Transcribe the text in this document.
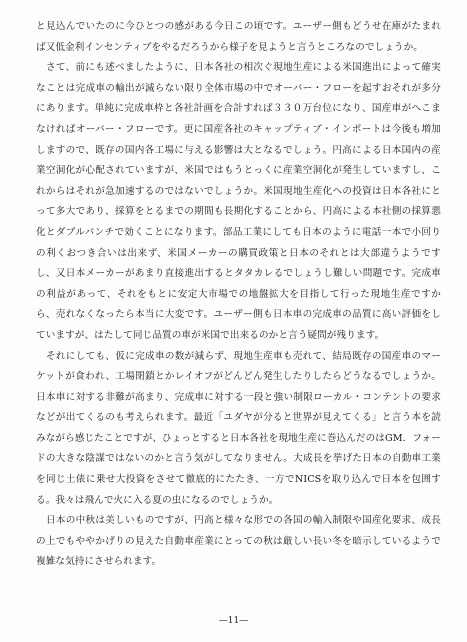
と見込んでいたのに今ひとつの感がある今日この頃です。ユーザー側もどうせ在庫がたまれば又低金利インセンティブをやるだろうから様子を見ようと言うところなのでしょうか。

さて、前にも述べましたように、日本各社の相次ぐ現地生産による米国進出によって確実なことは完成車の輸出が減らない限り全体市場の中でオーバー・フローを起すおそれが多分にあります。単純に完成車枠と各社計画を合計すれば３３０万台位になり、国産車がへこまなければオーバー・フローです。更に国産各社のキャップティブ・インポートは今後も増加しますので、既存の国内各工場に与える影響は大となるでしょう。円高による日本国内の産業空洞化が心配されていますが、米国ではもうとっくに産業空洞化が発生していますし、これからはそれが急加速するのではないでしょうか。米国現地生産化への投資は日本各社にとって多大であり、採算をとるまでの期間も長期化することから、円高による本社側の採算悪化とダブルパンチで効くことになります。部品工業にしても日本のように電話一本で小回りの利くおつき合いは出来ず、米国メーカーの購買政策と日本のそれとは大部違うようですし、又日本メーカーがあまり直接進出するとタタカレるでしょうし難しい問題です。完成車の利益があって、それをもとに安定大市場での地盤拡大を目指して行った現地生産ですから、売れなくなったら本当に大変です。ユーザー側も日本車の完成車の品質に高い評価をしていますが、はたして同じ品質の車が米国で出来るのかと言う疑問が残ります。

それにしても、仮に完成車の数が減らず、現地生産車も売れて、結局既存の国産車のマーケットが食われ、工場閉鎖とかレイオフがどんどん発生したりしたらどうなるでしょうか。日本車に対する非難が高まり、完成車に対する一段と強い制限ローカル・コンテントの要求などが出てくるのも考えられます。最近「ユダヤが分ると世界が見えてくる」と言う本を読みながら感じたことですが、ひょっとすると日本各社を現地生産に巻込んだのはGM．フォードの大きな陰謀ではないのかと言う気がしてなりません。大成長を挙げた日本の自動車工業を同じ土俵に乗せ大投資をさせて徹底的にたたき、一方でNICSを取り込んで日本を包囲する。我々は飛んで火に入る夏の虫になるのでしょうか。

日本の中秋は美しいものですが、円高と様々な形での各国の輸入制限や国産化要求、成長の上でもややかげりの見えた自動車産業にとっての秋は厳しい長い冬を暗示しているようで複雑な気持にさせられます。

—11—
